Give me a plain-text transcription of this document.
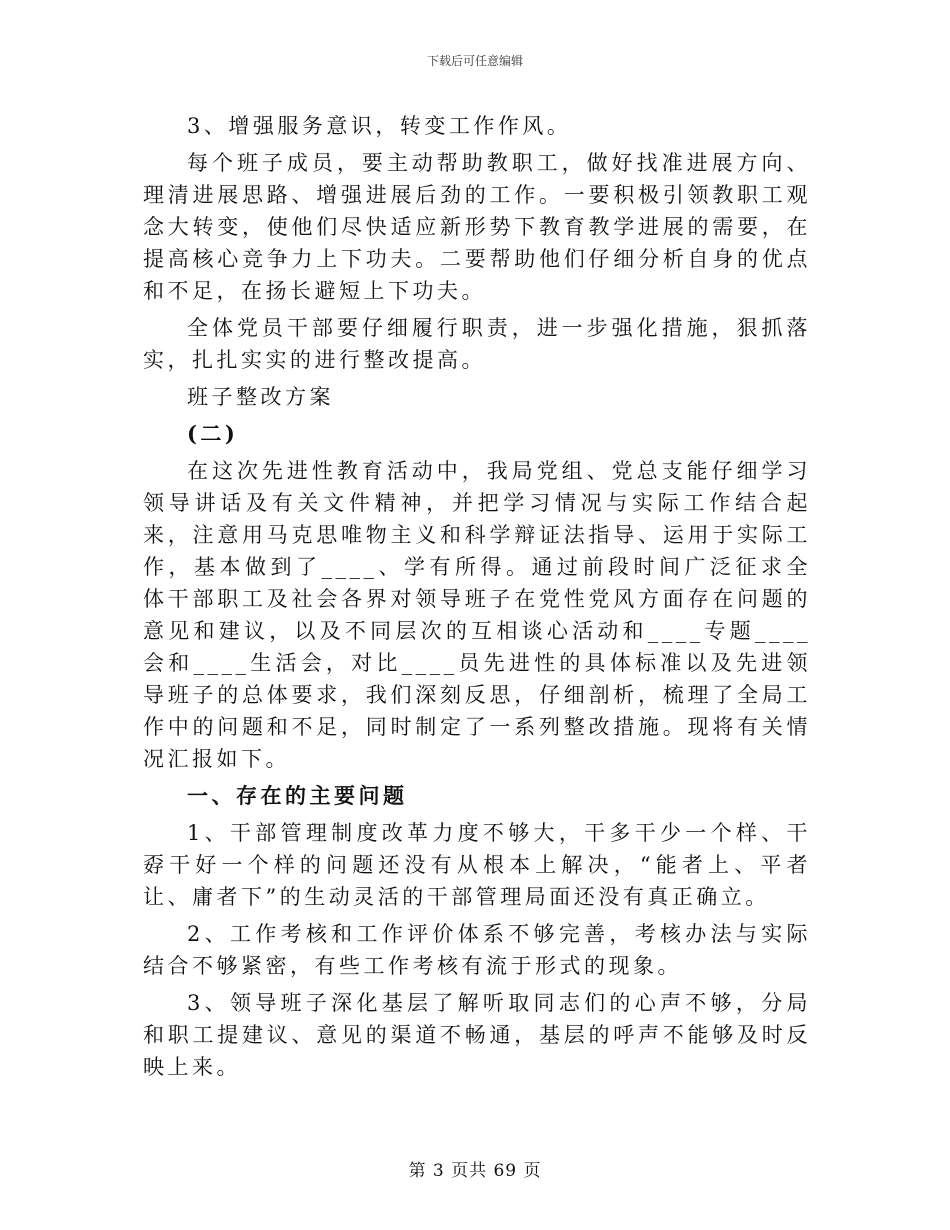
下载后可任意编辑

3、增强服务意识，转变工作作风。

每个班子成员，要主动帮助教职工，做好找准进展方向、理清进展思路、增强进展后劲的工作。一要积极引领教职工观念大转变，使他们尽快适应新形势下教育教学进展的需要，在提高核心竞争力上下功夫。二要帮助他们仔细分析自身的优点和不足，在扬长避短上下功夫。

全体党员干部要仔细履行职责，进一步强化措施，狠抓落实，扎扎实实的进行整改提高。

班子整改方案

(二)

在这次先进性教育活动中，我局党组、党总支能仔细学习领导讲话及有关文件精神，并把学习情况与实际工作结合起来，注意用马克思唯物主义和科学辩证法指导、运用于实际工作，基本做到了____、学有所得。通过前段时间广泛征求全体干部职工及社会各界对领导班子在党性党风方面存在问题的意见和建议，以及不同层次的互相谈心活动和____专题____会和____生活会，对比____员先进性的具体标准以及先进领导班子的总体要求，我们深刻反思，仔细剖析，梳理了全局工作中的问题和不足，同时制定了一系列整改措施。现将有关情况汇报如下。

一、存在的主要问题

1、干部管理制度改革力度不够大，干多干少一个样、干孬干好一个样的问题还没有从根本上解决，“能者上、平者让、庸者下”的生动灵活的干部管理局面还没有真正确立。

2、工作考核和工作评价体系不够完善，考核办法与实际结合不够紧密，有些工作考核有流于形式的现象。

3、领导班子深化基层了解听取同志们的心声不够，分局和职工提建议、意见的渠道不畅通，基层的呼声不能够及时反映上来。

第 3 页共 69 页
